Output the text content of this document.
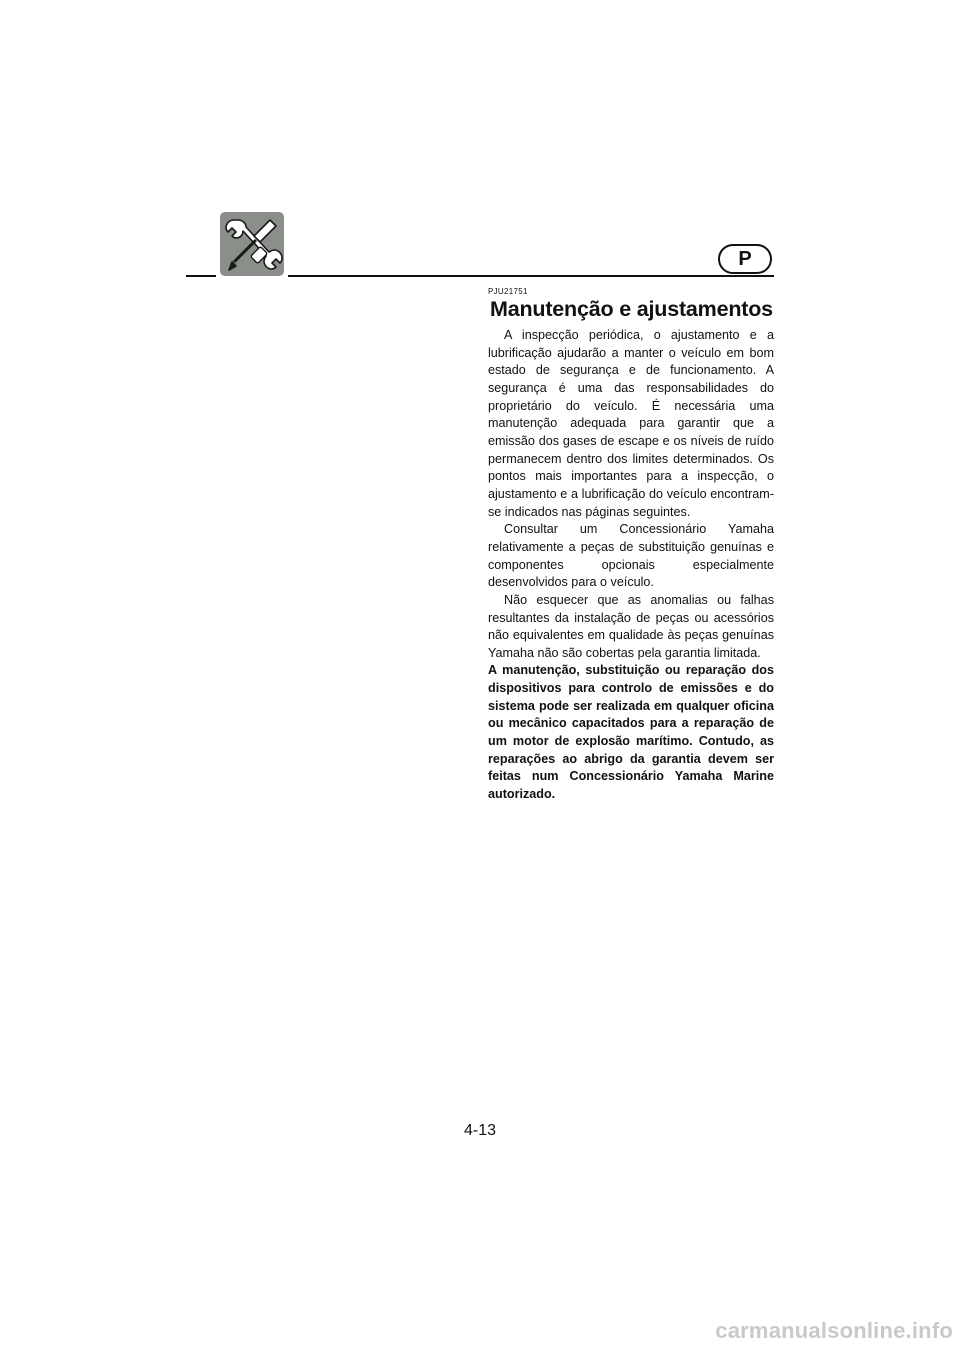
P
PJU21751
Manutenção e ajustamentos

A inspecção periódica, o ajustamento e a lubrificação ajudarão a manter o veículo em bom estado de segurança e de funcionamento. A segurança é uma das responsabilidades do proprietário do veículo. É necessária uma manutenção adequada para garantir que a emissão dos gases de escape e os níveis de ruído permanecem dentro dos limites determinados. Os pontos mais importantes para a inspecção, o ajustamento e a lubrificação do veículo encontram-se indicados nas páginas seguintes.

Consultar um Concessionário Yamaha relativamente a peças de substituição genuínas e componentes opcionais especialmente desenvolvidos para o veículo.

Não esquecer que as anomalias ou falhas resultantes da instalação de peças ou acessórios não equivalentes em qualidade às peças genuínas Yamaha não são cobertas pela garantia limitada.

A manutenção, substituição ou reparação dos dispositivos para controlo de emissões e do sistema pode ser realizada em qualquer oficina ou mecânico capacitados para a reparação de um motor de explosão marítimo. Contudo, as reparações ao abrigo da garantia devem ser feitas num Concessionário Yamaha Marine autorizado.

4-13
carmanualsonline.info
